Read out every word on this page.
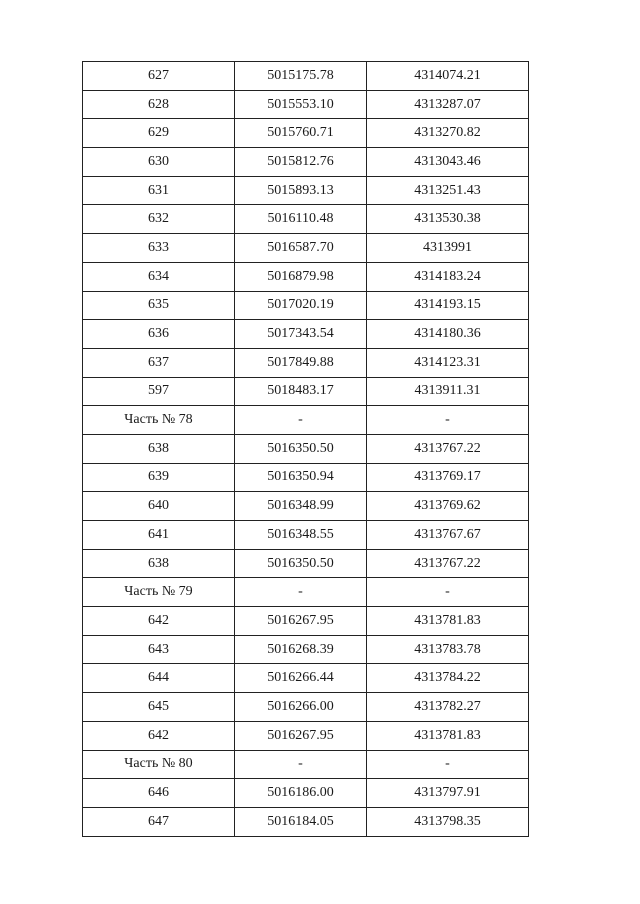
627	5015175.78	4314074.21
628	5015553.10	4313287.07
629	5015760.71	4313270.82
630	5015812.76	4313043.46
631	5015893.13	4313251.43
632	5016110.48	4313530.38
633	5016587.70	4313991
634	5016879.98	4314183.24
635	5017020.19	4314193.15
636	5017343.54	4314180.36
637	5017849.88	4314123.31
597	5018483.17	4313911.31
Часть № 78	-	-
638	5016350.50	4313767.22
639	5016350.94	4313769.17
640	5016348.99	4313769.62
641	5016348.55	4313767.67
638	5016350.50	4313767.22
Часть № 79	-	-
642	5016267.95	4313781.83
643	5016268.39	4313783.78
644	5016266.44	4313784.22
645	5016266.00	4313782.27
642	5016267.95	4313781.83
Часть № 80	-	-
646	5016186.00	4313797.91
647	5016184.05	4313798.35
